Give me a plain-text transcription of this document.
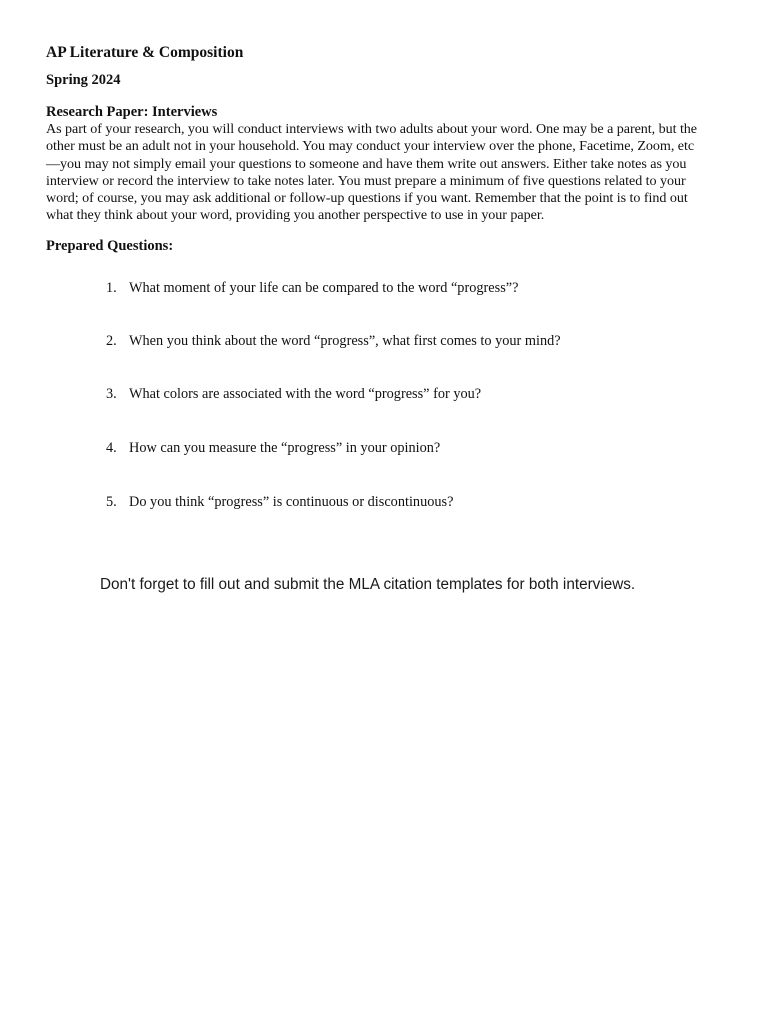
AP Literature & Composition
Spring 2024
Research Paper: Interviews

As part of your research, you will conduct interviews with two adults about your word. One may be a parent, but the other must be an adult not in your household. You may conduct your interview over the phone, Facetime, Zoom, etc—you may not simply email your questions to someone and have them write out answers. Either take notes as you interview or record the interview to take notes later. You must prepare a minimum of five questions related to your word; of course, you may ask additional or follow-up questions if you want. Remember that the point is to find out what they think about your word, providing you another perspective to use in your paper.

Prepared Questions:
1. What moment of your life can be compared to the word “progress”?
2. When you think about the word “progress”, what first comes to your mind?
3. What colors are associated with the word “progress” for you?
4. How can you measure the “progress” in your opinion?
5. Do you think “progress” is continuous or discontinuous?

Don't forget to fill out and submit the MLA citation templates for both interviews.
